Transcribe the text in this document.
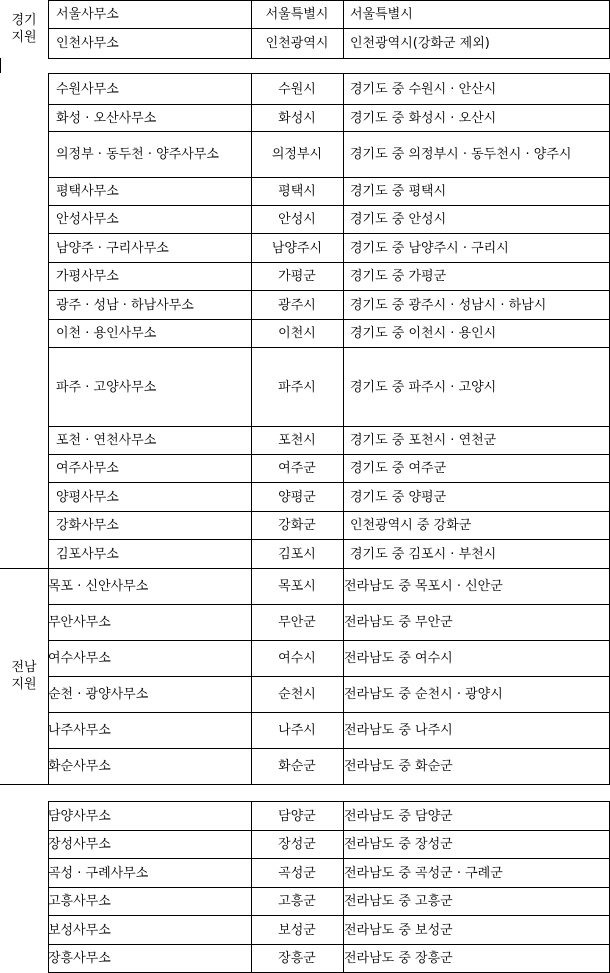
서울사무소	서울특별시	서울특별시
인천사무소	인천광역시	인천광역시(강화군 제외)
수원사무소	수원시	경기도 중 수원시 · 안산시
화성 · 오산사무소	화성시	경기도 중 화성시 · 오산시
의정부 · 동두천 · 양주사무소	의정부시	경기도 중 의정부시 · 동두천시 · 양주시
평택사무소	평택시	경기도 중 평택시
안성사무소	안성시	경기도 중 안성시
남양주 · 구리사무소	남양주시	경기도 중 남양주시 · 구리시
가평사무소	가평군	경기도 중 가평군
광주 · 성남 · 하남사무소	광주시	경기도 중 광주시 · 성남시 · 하남시
이천 · 용인사무소	이천시	경기도 중 이천시 · 용인시
파주 · 고양사무소	파주시	경기도 중 파주시 · 고양시
포천 · 연천사무소	포천시	경기도 중 포천시 · 연천군
여주사무소	여주군	경기도 중 여주군
양평사무소	양평군	경기도 중 양평군
강화사무소	강화군	인천광역시 중 강화군
김포사무소	김포시	경기도 중 김포시 · 부천시
목포 · 신안사무소	목포시	전라남도 중 목포시 · 신안군
무안사무소	무안군	전라남도 중 무안군
여수사무소	여수시	전라남도 중 여수시
순천 · 광양사무소	순천시	전라남도 중 순천시 · 광양시
나주사무소	나주시	전라남도 중 나주시
화순사무소	화순군	전라남도 중 화순군
담양사무소	담양군	전라남도 중 담양군
장성사무소	장성군	전라남도 중 장성군
곡성 · 구례사무소	곡성군	전라남도 중 곡성군 · 구례군
고흥사무소	고흥군	전라남도 중 고흥군
보성사무소	보성군	전라남도 중 보성군
장흥사무소	장흥군	전라남도 중 장흥군
경기
지원
전남
지원
